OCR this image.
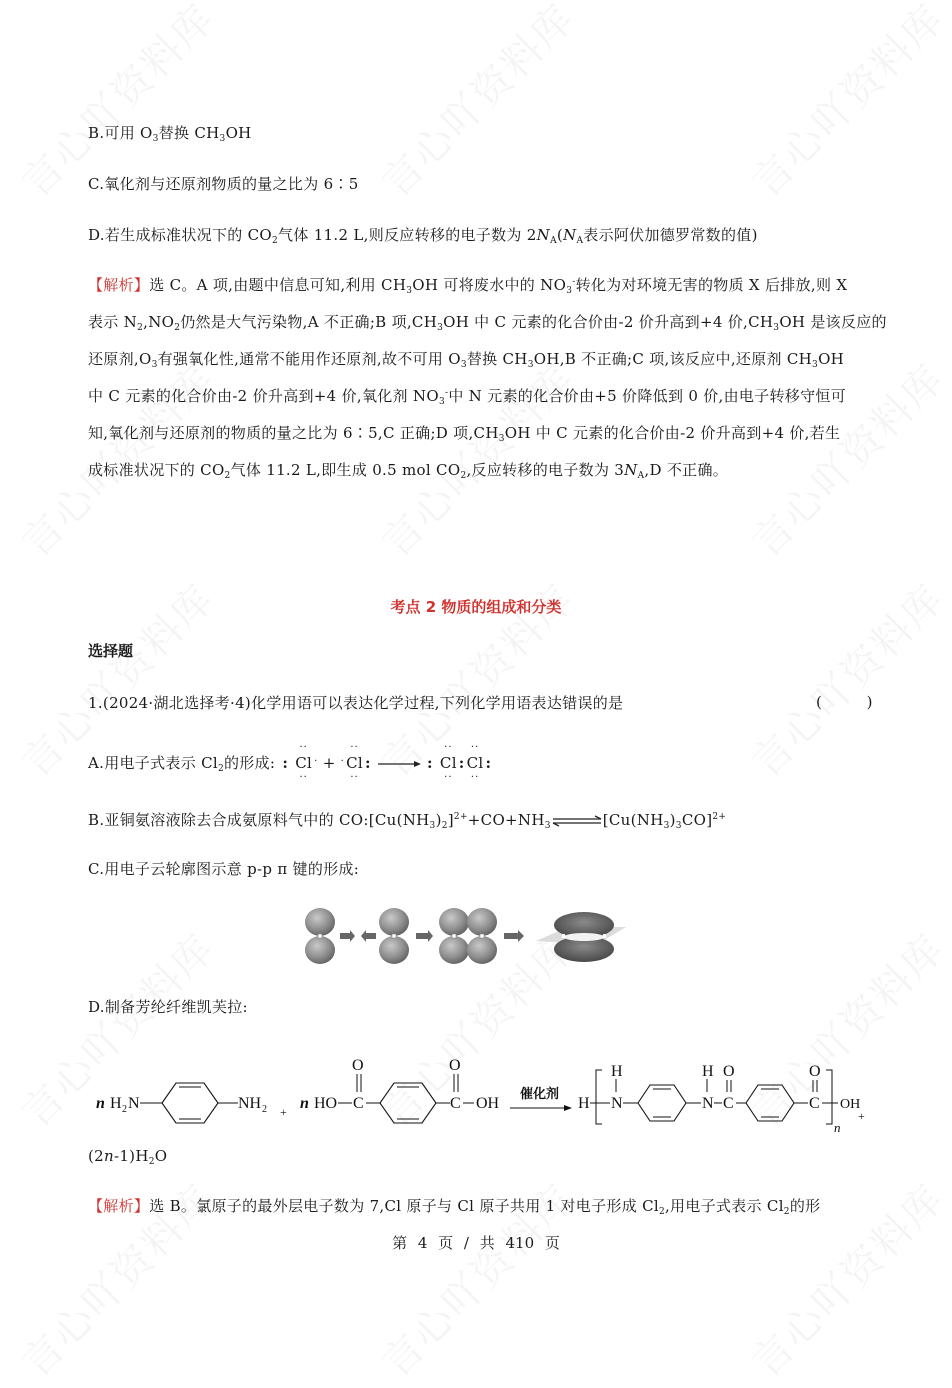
B.可用 $O_3$替换 $CH_3OH$
C.氧化剂与还原剂物质的量之比为 6∶5
D.若生成标准状况下的 $CO_2$气体 11.2 L,则反应转移的电子数为 $2N_A(N_A$表示阿伏加德罗常数的值)
【解析】选 C。A 项,由题中信息可知,利用 $CH_3OH$ 可将废水中的 $NO_3^-$转化为对环境无害的物质 X 后排放,则 X
表示 $N_2,NO_2$仍然是大气污染物,A 不正确;B 项$,CH_3OH$ 中 C 元素的化合价由-2 价升高到+4 价$,CH_3OH$ 是该反应的
还原剂$,O_3$有强氧化性,通常不能用作还原剂,故不可用 $O_3$替换 $CH_3OH,B$ 不正确;C 项,该反应中,还原剂 $CH_3OH$
中 C 元素的化合价由-2 价升高到+4 价,氧化剂 $NO_3^-$中 N 元素的化合价由+5 价降低到 0 价,由电子转移守恒可
知,氧化剂与还原剂的物质的量之比为 6∶5,C 正确;D 项$,CH_3OH$ 中 C 元素的化合价由-2 价升高到+4 价,若生
成标准状况下的 $CO_2$气体 11.2 L,即生成 0.5 mol $CO_2$,反应转移的电子数为 $3N_A,D$ 不正确。
考点 2 物质的组成和分类
选择题
1.(2024·湖北选择考·4)化学用语可以表达化学过程,下列化学用语表达错误的是	( )
A.用电子式表示 $Cl_2$的形成: :
··
Cl
··
· + ·
··
Cl
··
:	:
··
Cl
··
:
··
Cl
··
:
B.亚铜氨溶液除去合成氨原料气中的 $CO:[Cu(NH_3)_2]^{2+}+CO+NH_3\rightleftharpoons[Cu(NH_3)_3CO]^{2+}$
C.用电子云轮廓图示意 p-p π 键的形成:
D.制备芳纶纤维凯芙拉:
n H 2 N	NH 2 + n HO C
O
C
O
OH
催化剂
H N
H
N
H
C
O
C
O
n
OH
+
$(2n-1)H_2O$
【解析】选 B。氯原子的最外层电子数为 7,Cl 原子与 Cl 原子共用 1 对电子形成 $Cl_2$,用电子式表示 $Cl_2$的形
第 4 页 / 共 410 页
